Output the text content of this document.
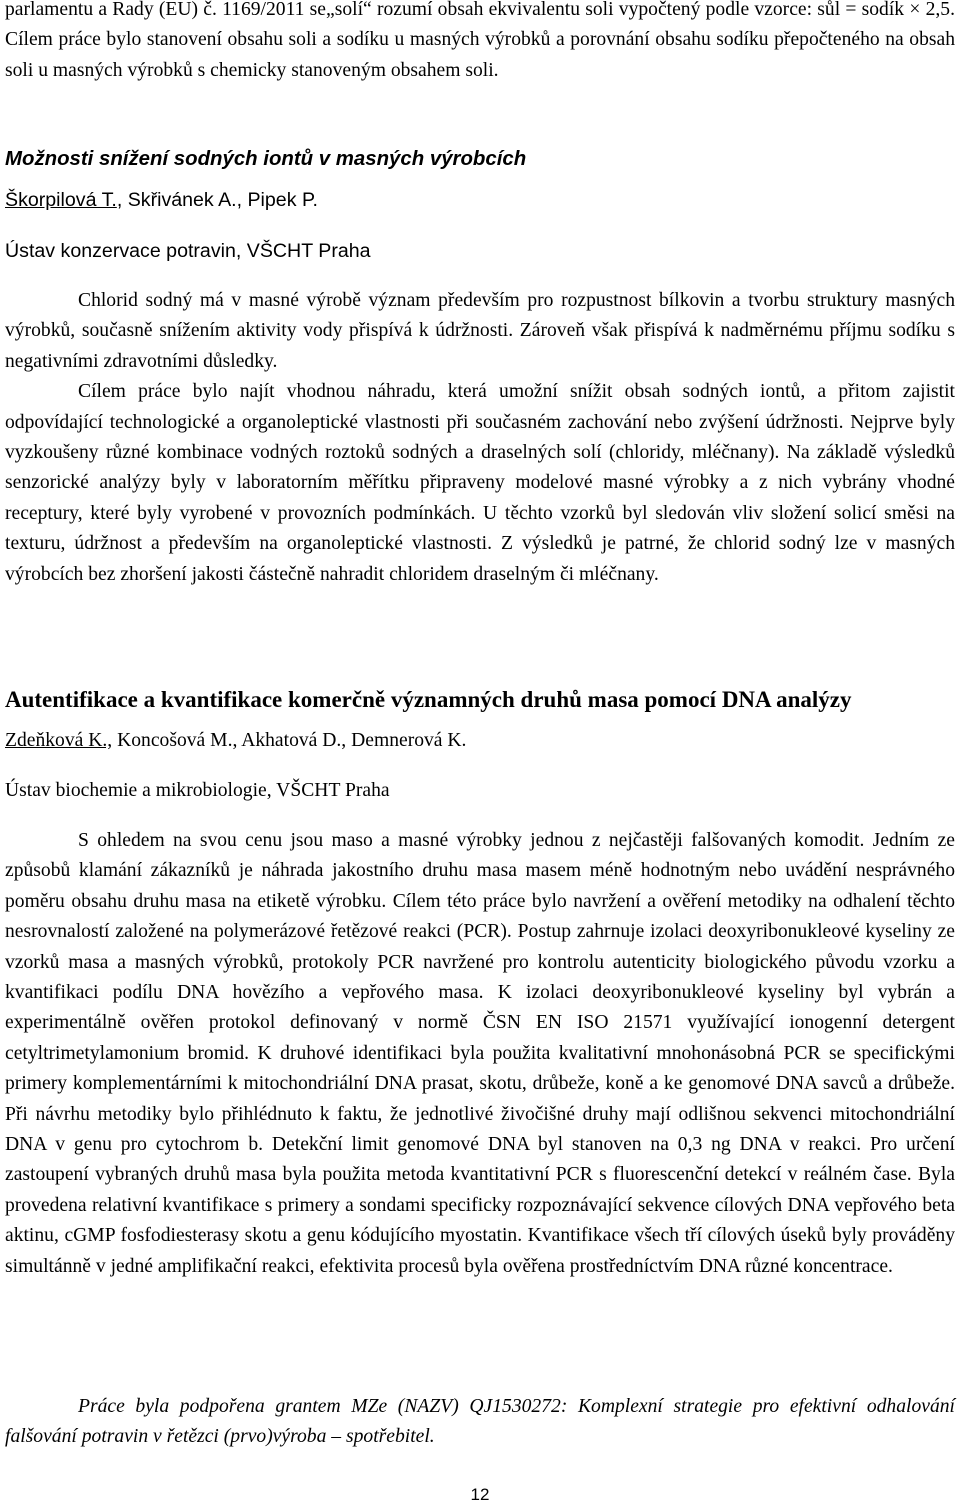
parlamentu a Rady (EU) č. 1169/2011 se„solí“ rozumí obsah ekvivalentu soli vypočtený podle vzorce: sůl = sodík × 2,5. Cílem práce bylo stanovení obsahu soli a sodíku u masných výrobků a porovnání obsahu sodíku přepočteného na obsah soli u masných výrobků s chemicky stanoveným obsahem soli.

Možnosti snížení sodných iontů v masných výrobcích
Škorpilová T., Skřivánek A., Pipek P.
Ústav konzervace potravin, VŠCHT Praha

Chlorid sodný má v masné výrobě význam především pro rozpustnost bílkovin a tvorbu struktury masných výrobků, současně snížením aktivity vody přispívá k údržnosti. Zároveň však přispívá k nadměrnému příjmu sodíku s negativními zdravotními důsledky.

Cílem práce bylo najít vhodnou náhradu, která umožní snížit obsah sodných iontů, a přitom zajistit odpovídající technologické a organoleptické vlastnosti při současném zachování nebo zvýšení údržnosti. Nejprve byly vyzkoušeny různé kombinace vodných roztoků sodných a draselných solí (chloridy, mléčnany). Na základě výsledků senzorické analýzy byly v laboratorním měřítku připraveny modelové masné výrobky a z nich vybrány vhodné receptury, které byly vyrobené v provozních podmínkách. U těchto vzorků byl sledován vliv složení solicí směsi na texturu, údržnost a především na organoleptické vlastnosti. Z výsledků je patrné, že chlorid sodný lze v masných výrobcích bez zhoršení jakosti částečně nahradit chloridem draselným či mléčnany.

Autentifikace a kvantifikace komerčně významných druhů masa pomocí DNA analýzy
Zdeňková K., Koncošová M., Akhatová D., Demnerová K.
Ústav biochemie a mikrobiologie, VŠCHT Praha

S ohledem na svou cenu jsou maso a masné výrobky jednou z nejčastěji falšovaných komodit. Jedním ze způsobů klamání zákazníků je náhrada jakostního druhu masa masem méně hodnotným nebo uvádění nesprávného poměru obsahu druhu masa na etiketě výrobku. Cílem této práce bylo navržení a ověření metodiky na odhalení těchto nesrovnalostí založené na polymerázové řetězové reakci (PCR). Postup zahrnuje izolaci deoxyribonukleové kyseliny ze vzorků masa a masných výrobků, protokoly PCR navržené pro kontrolu autenticity biologického původu vzorku a kvantifikaci podílu DNA hovězího a vepřového masa. K izolaci deoxyribonukleové kyseliny byl vybrán a experimentálně ověřen protokol definovaný v normě ČSN EN ISO 21571 využívající ionogenní detergent cetyltrimetylamonium bromid. K druhové identifikaci byla použita kvalitativní mnohonásobná PCR se specifickými primery komplementárními k mitochondriální DNA prasat, skotu, drůbeže, koně a ke genomové DNA savců a drůbeže. Při návrhu metodiky bylo přihlédnuto k faktu, že jednotlivé živočišné druhy mají odlišnou sekvenci mitochondriální DNA v genu pro cytochrom b. Detekční limit genomové DNA byl stanoven na 0,3 ng DNA v reakci. Pro určení zastoupení vybraných druhů masa byla použita metoda kvantitativní PCR s fluorescenční detekcí v reálném čase. Byla provedena relativní kvantifikace s primery a sondami specificky rozpoznávající sekvence cílových DNA vepřového beta aktinu, cGMP fosfodiesterasy skotu a genu kódujícího myostatin. Kvantifikace všech tří cílových úseků byly prováděny simultánně v jedné amplifikační reakci, efektivita procesů byla ověřena prostředníctvím DNA různé koncentrace.

Práce byla podpořena grantem MZe (NAZV) QJ1530272: Komplexní strategie pro efektivní odhalování falšování potravin v řetězci (prvo)výroba – spotřebitel.

12
